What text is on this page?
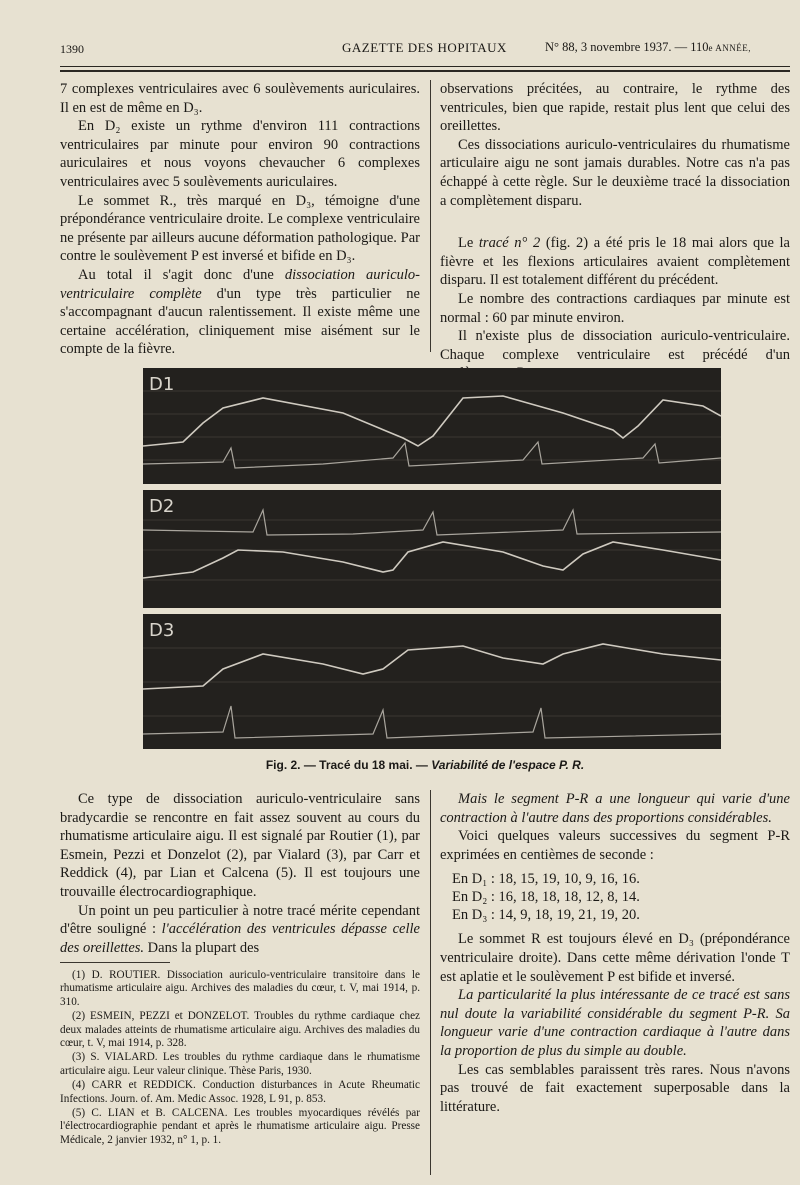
1390	GAZETTE DES HOPITAUX	N° 88, 3 novembre 1937. — 110e ANNÉE,

7 complexes ventriculaires avec 6 soulèvements auriculaires. Il en est de même en D₃.

En D₂ existe un rythme d'environ 111 contractions ventriculaires par minute pour environ 90 contractions auriculaires et nous voyons chevaucher 6 complexes ventriculaires avec 5 soulèvements auriculaires.

Le sommet R., très marqué en D₃, témoigne d'une prépondérance ventriculaire droite. Le complexe ventriculaire ne présente par ailleurs aucune déformation pathologique. Par contre le soulèvement P est inversé et bifide en D₃.

Au total il s'agit donc d'une dissociation auriculo-ventriculaire complète d'un type très particulier ne s'accompagnant d'aucun ralentissement. Il existe même une certaine accélération, cliniquement mise aisément sur le compte de la fièvre.

observations précitées, au contraire, le rythme des ventricules, bien que rapide, restait plus lent que celui des oreillettes.

Ces dissociations auriculo-ventriculaires du rhumatisme articulaire aigu ne sont jamais durables. Notre cas n'a pas échappé à cette règle. Sur le deuxième tracé la dissociation a complètement disparu.

Le tracé n° 2 (fig. 2) a été pris le 18 mai alors que la fièvre et les flexions articulaires avaient complètement disparu. Il est totalement différent du précédent.

Le nombre des contractions cardiaques par minute est normal : 60 par minute environ.

Il n'existe plus de dissociation auriculo-ventriculaire. Chaque complexe ventriculaire est précédé d'un

D1
D2
D3
Fig. 2. — Tracé du 18 mai. — Variabilité de l'espace P. R.

Ce type de dissociation auriculo-ventriculaire sans bradycardie se rencontre en fait assez souvent au cours du rhumatisme articulaire aigu. Il est signalé par Routier (1), par Esmein, Pezzi et Donzelot (2), par Vialard (3), par Carr et Reddick (4), par Lian et Calcena (5). Il est toujours une trouvaille électrocardiographique.

Un point un peu particulier à notre tracé mérite cependant d'être souligné : l'accélération des ventricules dépasse celle des oreillettes. Dans la plupart des

(1) D. ROUTIER. Dissociation auriculo-ventriculaire transitoire dans le rhumatisme articulaire aigu. Archives des maladies du cœur, t. V, mai 1914, p. 310.

(2) ESMEIN, PEZZI et DONZELOT. Troubles du rythme cardiaque chez deux malades atteints de rhumatisme articulaire aigu. Archives des maladies du cœur, t. V, mai 1914, p. 328.

(3) S. VIALARD. Les troubles du rythme cardiaque dans le rhumatisme articulaire aigu. Leur valeur clinique. Thèse Paris, 1930.

(4) CARR et REDDICK. Conduction disturbances in Acute Rheumatic Infections. Journ. of. Am. Medic Assoc. 1928, L 91, p. 853.

(5) C. LIAN et B. CALCENA. Les troubles myocardiques révélés par l'électrocardiographie pendant et après le rhumatisme articulaire aigu. Presse Médicale, 2 janvier 1932, n° 1, p. 1.

Mais le segment P-R a une longueur qui varie d'une contraction à l'autre dans des proportions considérables.

Voici quelques valeurs successives du segment P-R exprimées en centièmes de seconde :

En D₁ : 18, 15, 19, 10, 9, 16, 16.
En D₂ : 16, 18, 18, 18, 12, 8, 14.
En D₃ : 14, 9, 18, 19, 21, 19, 20.

Le sommet R est toujours élevé en D₃ (prépondérance ventriculaire droite). Dans cette même dérivation l'onde T est aplatie et le soulèvement P est bifide et inversé.

La particularité la plus intéressante de ce tracé est sans nul doute la variabilité considérable du segment P-R. Sa longueur varie d'une contraction cardiaque à l'autre dans la proportion de plus du simple au double.

Les cas semblables paraissent très rares. Nous n'avons pas trouvé de fait exactement superposable dans la littérature.
